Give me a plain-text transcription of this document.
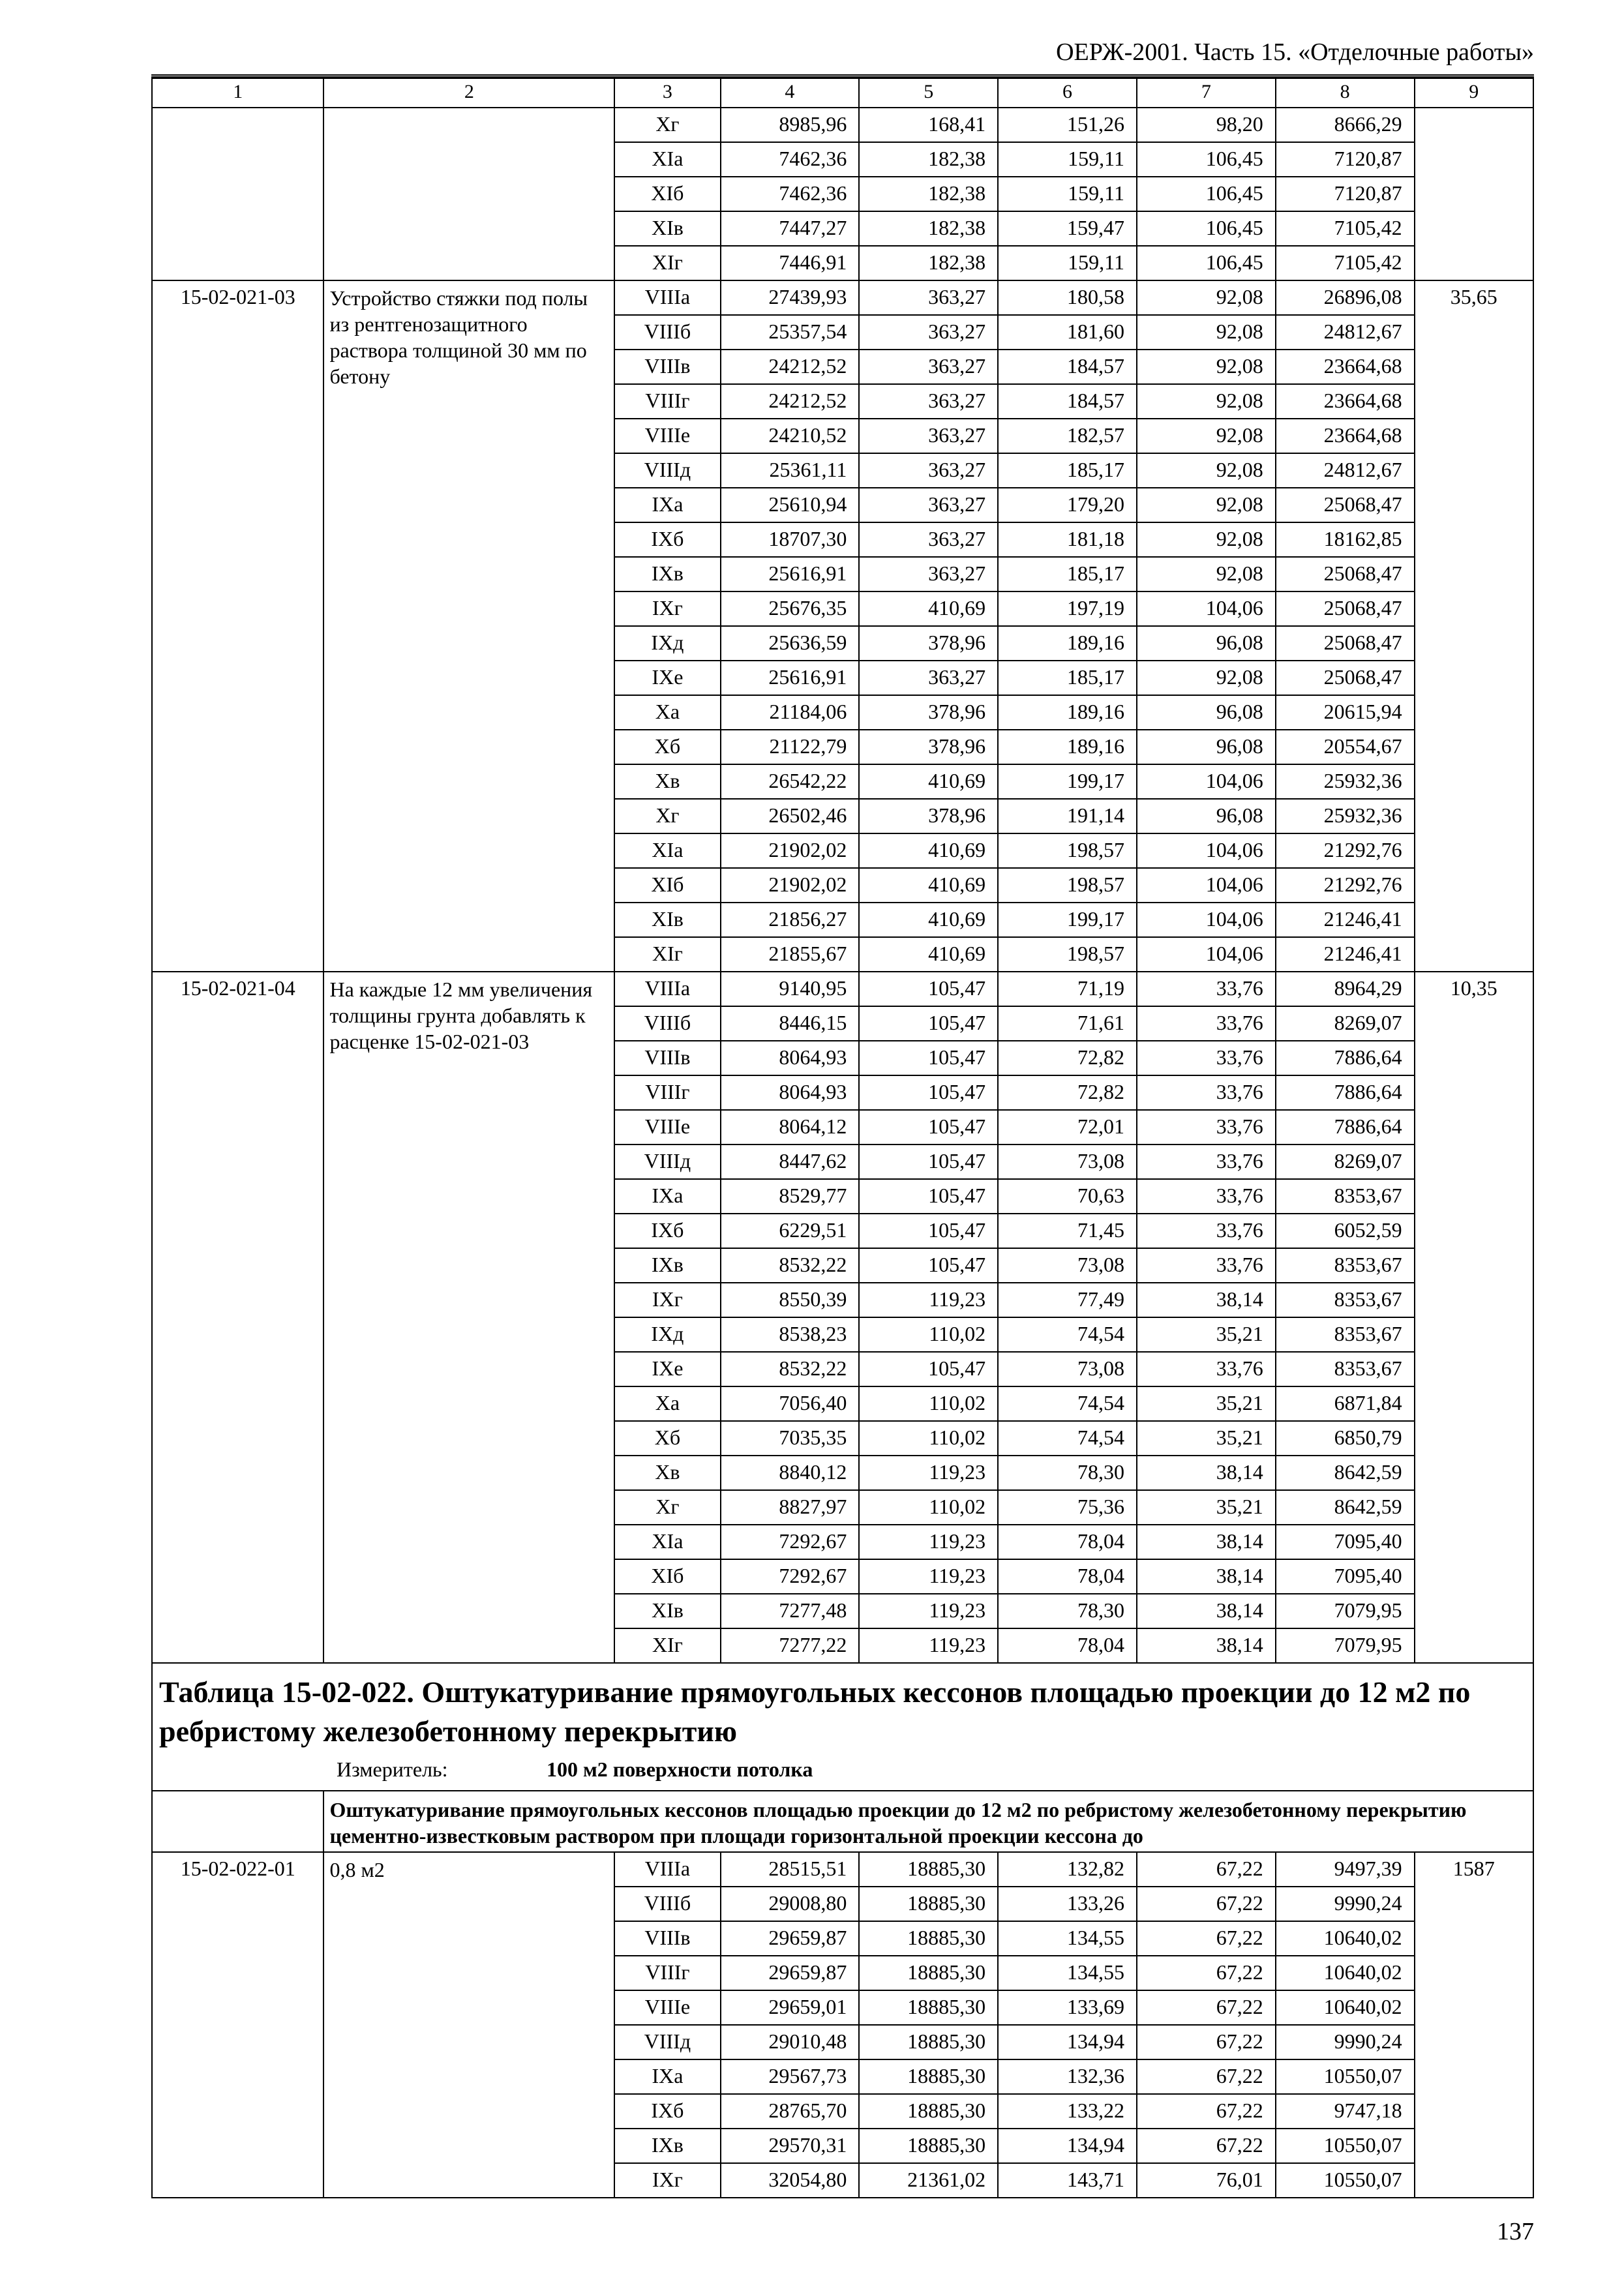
ОЕРЖ-2001. Часть 15. «Отделочные работы»
1	2	3	4	5	6	7	8	9
		Xг	8985,96	168,41	151,26	98,20	8666,29	
		XIа	7462,36	182,38	159,11	106,45	7120,87	
		XIб	7462,36	182,38	159,11	106,45	7120,87	
		XIв	7447,27	182,38	159,47	106,45	7105,42	
		XIг	7446,91	182,38	159,11	106,45	7105,42	
15-02-021-03	Устройство стяжки под полы из рентгенозащитного раствора толщиной 30 мм по бетону	VIIIа	27439,93	363,27	180,58	92,08	26896,08	35,65
		VIIIб	25357,54	363,27	181,60	92,08	24812,67	
		VIIIв	24212,52	363,27	184,57	92,08	23664,68	
		VIIIг	24212,52	363,27	184,57	92,08	23664,68	
		VIIIе	24210,52	363,27	182,57	92,08	23664,68	
		VIIIд	25361,11	363,27	185,17	92,08	24812,67	
		IXа	25610,94	363,27	179,20	92,08	25068,47	
		IXб	18707,30	363,27	181,18	92,08	18162,85	
		IXв	25616,91	363,27	185,17	92,08	25068,47	
		IXг	25676,35	410,69	197,19	104,06	25068,47	
		IXд	25636,59	378,96	189,16	96,08	25068,47	
		IXе	25616,91	363,27	185,17	92,08	25068,47	
		Xа	21184,06	378,96	189,16	96,08	20615,94	
		Xб	21122,79	378,96	189,16	96,08	20554,67	
		Xв	26542,22	410,69	199,17	104,06	25932,36	
		Xг	26502,46	378,96	191,14	96,08	25932,36	
		XIа	21902,02	410,69	198,57	104,06	21292,76	
		XIб	21902,02	410,69	198,57	104,06	21292,76	
		XIв	21856,27	410,69	199,17	104,06	21246,41	
		XIг	21855,67	410,69	198,57	104,06	21246,41	
15-02-021-04	На каждые 12 мм увеличения толщины грунта добавлять к расценке 15-02-021-03	VIIIа	9140,95	105,47	71,19	33,76	8964,29	10,35
		VIIIб	8446,15	105,47	71,61	33,76	8269,07	
		VIIIв	8064,93	105,47	72,82	33,76	7886,64	
		VIIIг	8064,93	105,47	72,82	33,76	7886,64	
		VIIIе	8064,12	105,47	72,01	33,76	7886,64	
		VIIIд	8447,62	105,47	73,08	33,76	8269,07	
		IXа	8529,77	105,47	70,63	33,76	8353,67	
		IXб	6229,51	105,47	71,45	33,76	6052,59	
		IXв	8532,22	105,47	73,08	33,76	8353,67	
		IXг	8550,39	119,23	77,49	38,14	8353,67	
		IXд	8538,23	110,02	74,54	35,21	8353,67	
		IXе	8532,22	105,47	73,08	33,76	8353,67	
		Xа	7056,40	110,02	74,54	35,21	6871,84	
		Xб	7035,35	110,02	74,54	35,21	6850,79	
		Xв	8840,12	119,23	78,30	38,14	8642,59	
		Xг	8827,97	110,02	75,36	35,21	8642,59	
		XIа	7292,67	119,23	78,04	38,14	7095,40	
		XIб	7292,67	119,23	78,04	38,14	7095,40	
		XIв	7277,48	119,23	78,30	38,14	7079,95	
		XIг	7277,22	119,23	78,04	38,14	7079,95	

Таблица 15-02-022. Оштукатуривание прямоугольных кессонов площадью проекции до 12 м2 по ребристому железобетонному перекрытию
Измеритель: 100 м2 поверхности потолка								

	Оштукатуривание прямоугольных кессонов площадью проекции до 12 м2 по ребристому железобетонному перекрытию цементно-известковым раствором при площади горизонтальной проекции кессона до							
15-02-022-01	0,8 м2	VIIIа	28515,51	18885,30	132,82	67,22	9497,39	1587
		VIIIб	29008,80	18885,30	133,26	67,22	9990,24	
		VIIIв	29659,87	18885,30	134,55	67,22	10640,02	
		VIIIг	29659,87	18885,30	134,55	67,22	10640,02	
		VIIIе	29659,01	18885,30	133,69	67,22	10640,02	
		VIIIд	29010,48	18885,30	134,94	67,22	9990,24	
		IXа	29567,73	18885,30	132,36	67,22	10550,07	
		IXб	28765,70	18885,30	133,22	67,22	9747,18	
		IXв	29570,31	18885,30	134,94	67,22	10550,07	
		IXг	32054,80	21361,02	143,71	76,01	10550,07	
137
